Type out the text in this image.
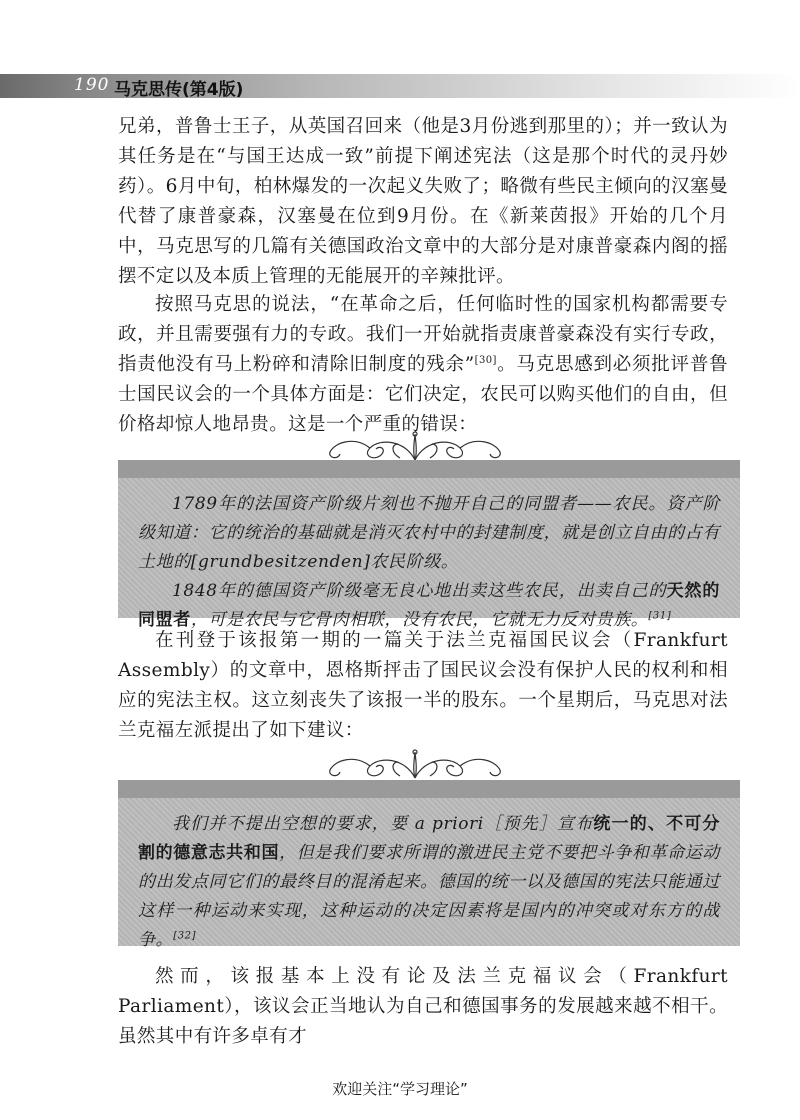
190 马克思传(第4版)

兄弟，普鲁士王子，从英国召回来（他是3月份逃到那里的）；并一致认为其任务是在“与国王达成一致”前提下阐述宪法（这是那个时代的灵丹妙药）。6月中旬，柏林爆发的一次起义失败了；略微有些民主倾向的汉塞曼代替了康普豪森，汉塞曼在位到9月份。在《新莱茵报》开始的几个月中，马克思写的几篇有关德国政治文章中的大部分是对康普豪森内阁的摇摆不定以及本质上管理的无能展开的辛辣批评。

按照马克思的说法，“在革命之后，任何临时性的国家机构都需要专政，并且需要强有力的专政。我们一开始就指责康普豪森没有实行专政，指责他没有马上粉碎和清除旧制度的残余”[30]。马克思感到必须批评普鲁士国民议会的一个具体方面是：它们决定，农民可以购买他们的自由，但价格却惊人地昂贵。这是一个严重的错误：

1789年的法国资产阶级片刻也不抛开自己的同盟者——农民。资产阶级知道：它的统治的基础就是消灭农村中的封建制度，就是创立自由的占有土地的[grundbesitzenden]农民阶级。

1848年的德国资产阶级毫无良心地出卖这些农民，出卖自己的天然的同盟者，可是农民与它骨肉相联，没有农民，它就无力反对贵族。[31]

在刊登于该报第一期的一篇关于法兰克福国民议会（Frankfurt Assembly）的文章中，恩格斯抨击了国民议会没有保护人民的权利和相应的宪法主权。这立刻丧失了该报一半的股东。一个星期后，马克思对法兰克福左派提出了如下建议：

我们并不提出空想的要求，要 a priori［预先］宣布统一的、不可分割的德意志共和国，但是我们要求所谓的激进民主党不要把斗争和革命运动的出发点同它们的最终目的混淆起来。德国的统一以及德国的宪法只能通过这样一种运动来实现，这种运动的决定因素将是国内的冲突或对东方的战争。[32]

然而，该报基本上没有论及法兰克福议会（Frankfurt Parliament），该议会正当地认为自己和德国事务的发展越来越不相干。虽然其中有许多卓有才

欢迎关注“学习理论”
